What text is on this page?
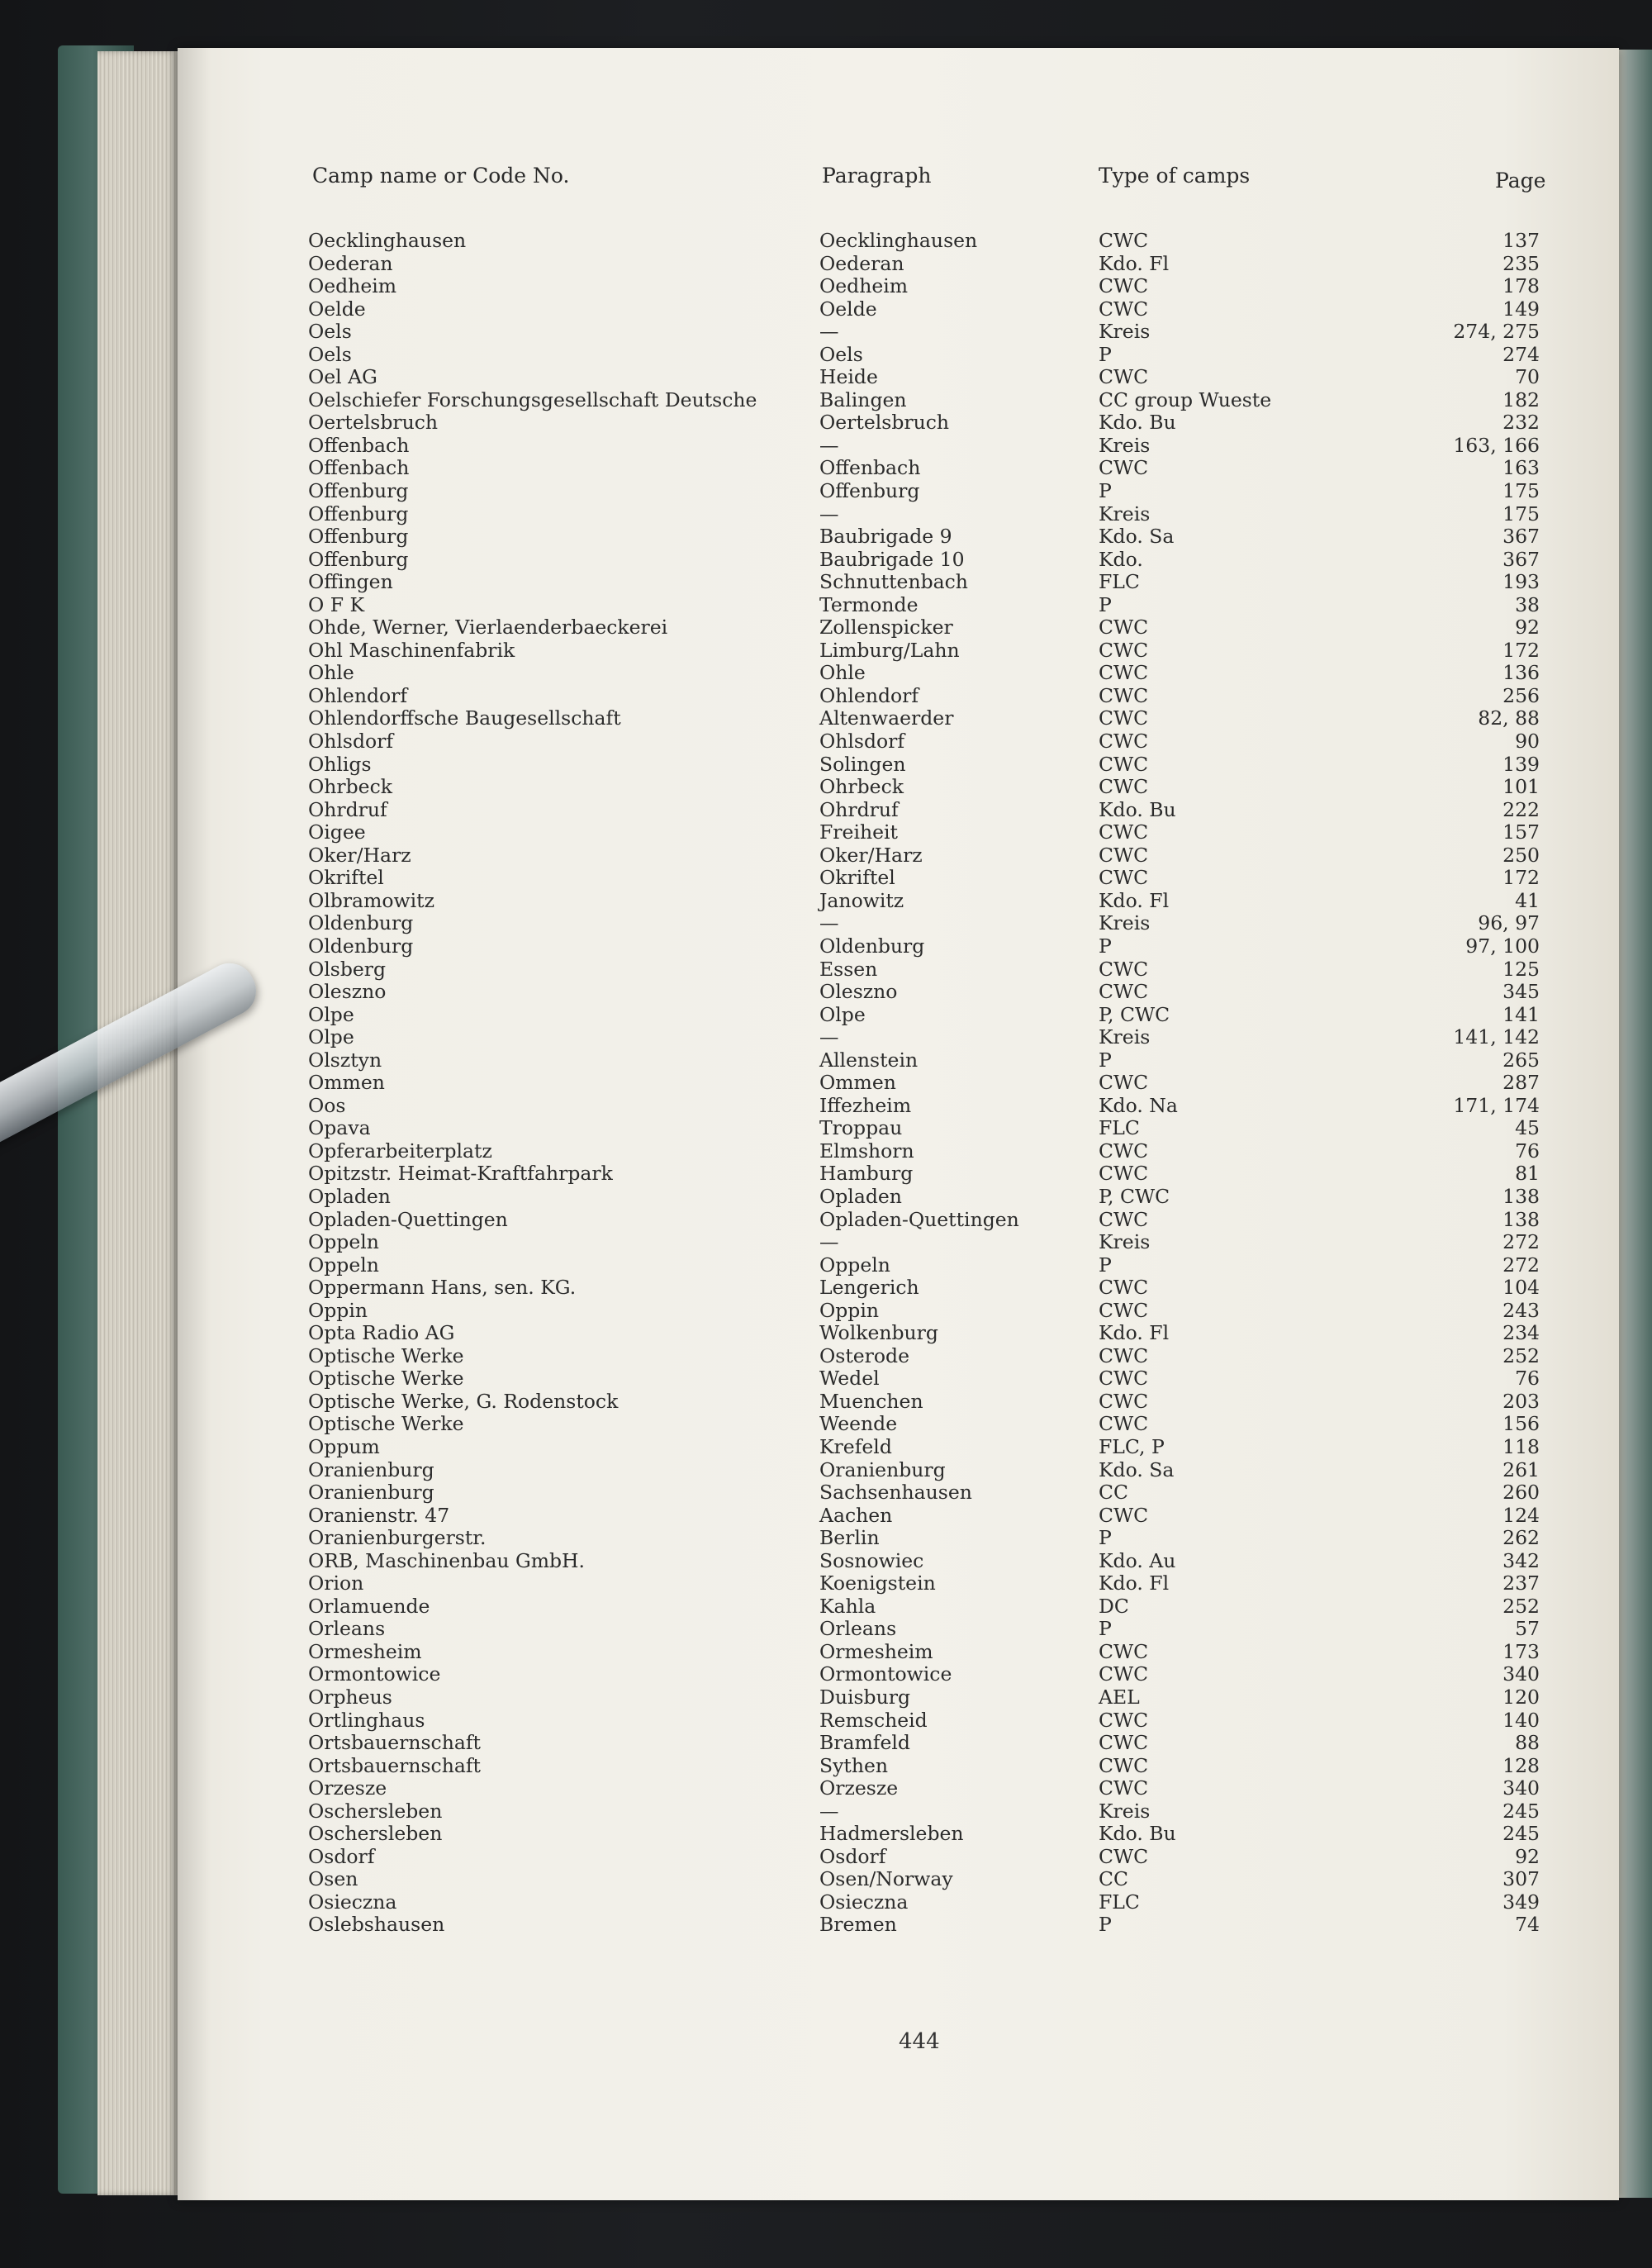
Camp name or Code No.	Paragraph	Type of camps	Page
Oecklinghausen	Oecklinghausen	CWC	137
Oederan	Oederan	Kdo. Fl	235
Oedheim	Oedheim	CWC	178
Oelde	Oelde	CWC	149
Oels	—	Kreis	274, 275
Oels	Oels	P	274
Oel AG	Heide	CWC	70
Oelschiefer Forschungsgesellschaft Deutsche	Balingen	CC group Wueste	182
Oertelsbruch	Oertelsbruch	Kdo. Bu	232
Offenbach	—	Kreis	163, 166
Offenbach	Offenbach	CWC	163
Offenburg	Offenburg	P	175
Offenburg	—	Kreis	175
Offenburg	Baubrigade 9	Kdo. Sa	367
Offenburg	Baubrigade 10	Kdo.	367
Offingen	Schnuttenbach	FLC	193
O F K	Termonde	P	38
Ohde, Werner, Vierlaenderbaeckerei	Zollenspicker	CWC	92
Ohl Maschinenfabrik	Limburg/Lahn	CWC	172
Ohle	Ohle	CWC	136
Ohlendorf	Ohlendorf	CWC	256
Ohlendorffsche Baugesellschaft	Altenwaerder	CWC	82, 88
Ohlsdorf	Ohlsdorf	CWC	90
Ohligs	Solingen	CWC	139
Ohrbeck	Ohrbeck	CWC	101
Ohrdruf	Ohrdruf	Kdo. Bu	222
Oigee	Freiheit	CWC	157
Oker/Harz	Oker/Harz	CWC	250
Okriftel	Okriftel	CWC	172
Olbramowitz	Janowitz	Kdo. Fl	41
Oldenburg	—	Kreis	96, 97
Oldenburg	Oldenburg	P	97, 100
Olsberg	Essen	CWC	125
Oleszno	Oleszno	CWC	345
Olpe	Olpe	P, CWC	141
Olpe	—	Kreis	141, 142
Olsztyn	Allenstein	P	265
Ommen	Ommen	CWC	287
Oos	Iffezheim	Kdo. Na	171, 174
Opava	Troppau	FLC	45
Opferarbeiterplatz	Elmshorn	CWC	76
Opitzstr. Heimat-Kraftfahrpark	Hamburg	CWC	81
Opladen	Opladen	P, CWC	138
Opladen-Quettingen	Opladen-Quettingen	CWC	138
Oppeln	—	Kreis	272
Oppeln	Oppeln	P	272
Oppermann Hans, sen. KG.	Lengerich	CWC	104
Oppin	Oppin	CWC	243
Opta Radio AG	Wolkenburg	Kdo. Fl	234
Optische Werke	Osterode	CWC	252
Optische Werke	Wedel	CWC	76
Optische Werke, G. Rodenstock	Muenchen	CWC	203
Optische Werke	Weende	CWC	156
Oppum	Krefeld	FLC, P	118
Oranienburg	Oranienburg	Kdo. Sa	261
Oranienburg	Sachsenhausen	CC	260
Oranienstr. 47	Aachen	CWC	124
Oranienburgerstr.	Berlin	P	262
ORB, Maschinenbau GmbH.	Sosnowiec	Kdo. Au	342
Orion	Koenigstein	Kdo. Fl	237
Orlamuende	Kahla	DC	252
Orleans	Orleans	P	57
Ormesheim	Ormesheim	CWC	173
Ormontowice	Ormontowice	CWC	340
Orpheus	Duisburg	AEL	120
Ortlinghaus	Remscheid	CWC	140
Ortsbauernschaft	Bramfeld	CWC	88
Ortsbauernschaft	Sythen	CWC	128
Orzesze	Orzesze	CWC	340
Oschersleben	—	Kreis	245
Oschersleben	Hadmersleben	Kdo. Bu	245
Osdorf	Osdorf	CWC	92
Osen	Osen/Norway	CC	307
Osieczna	Osieczna	FLC	349
Oslebshausen	Bremen	P	74
444
